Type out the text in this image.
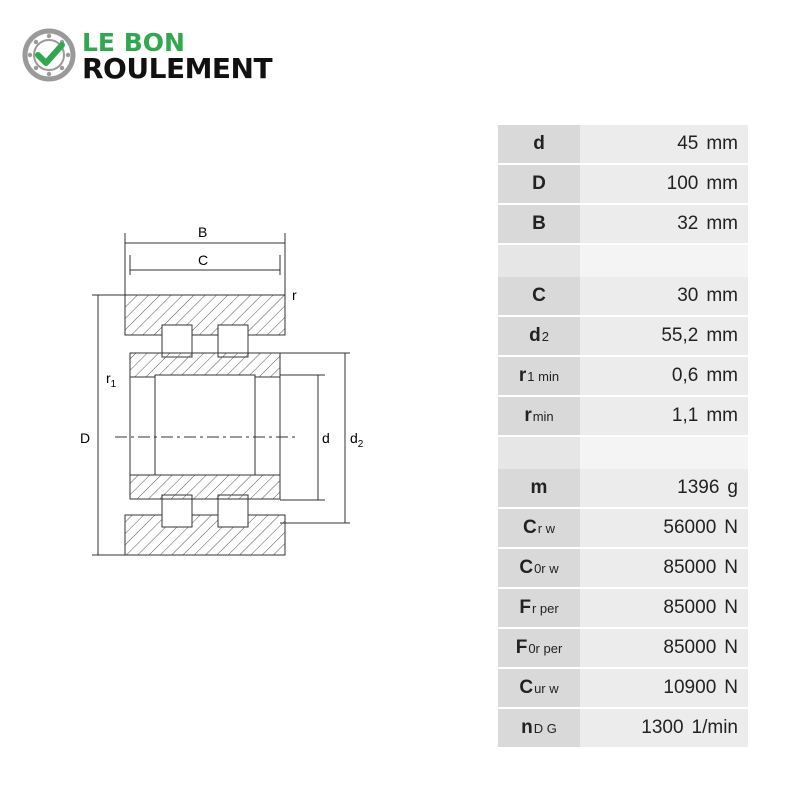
LE BON
ROULEMENT
B
C
r
$r_1$
D	d $d_2$
d	45 mm
D	100 mm
B	32 mm
C	30 mm
d 2	55,2 mm
r 1 min	0,6 mm
r min	1,1 mm
m	1396 g
C r w	56000 N
C 0r w	85000 N
F r per	85000 N
F 0r per	85000 N
C ur w	10900 N
n D G	1300 1/min
